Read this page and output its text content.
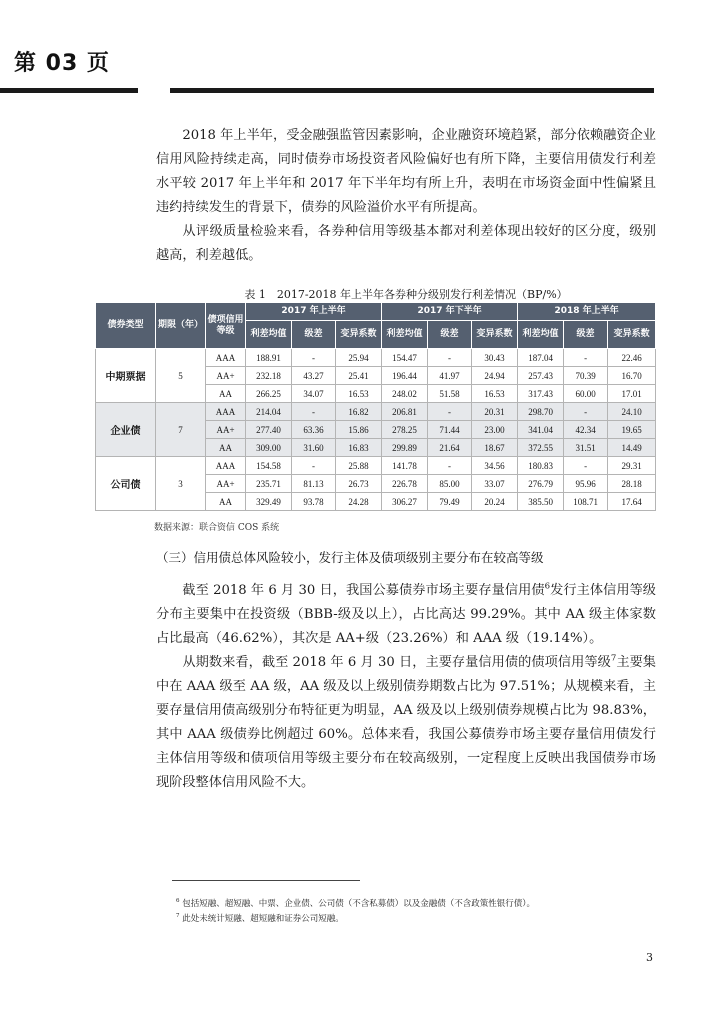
第 03 页

2018 年上半年，受金融强监管因素影响，企业融资环境趋紧，部分依赖融资企业信用风险持续走高，同时债券市场投资者风险偏好也有所下降，主要信用债发行利差水平较 2017 年上半年和 2017 年下半年均有所上升，表明在市场资金面中性偏紧且违约持续发生的背景下，债券的风险溢价水平有所提高。

从评级质量检验来看，各券种信用等级基本都对利差体现出较好的区分度，级别越高，利差越低。

表 1　2017-2018 年上半年各券种分级别发行利差情况（BP/%）
债券类型	期限（年）	债项信用等级	2017 年上半年			2017 年下半年			2018 年上半年		
			利差均值	级差	变异系数	利差均值	级差	变异系数	利差均值	级差	变异系数
中期票据	5	AAA	188.91	-	25.94	154.47	-	30.43	187.04	-	22.46
		AA+	232.18	43.27	25.41	196.44	41.97	24.94	257.43	70.39	16.70
		AA	266.25	34.07	16.53	248.02	51.58	16.53	317.43	60.00	17.01
企业债	7	AAA	214.04	-	16.82	206.81	-	20.31	298.70	-	24.10
		AA+	277.40	63.36	15.86	278.25	71.44	23.00	341.04	42.34	19.65
		AA	309.00	31.60	16.83	299.89	21.64	18.67	372.55	31.51	14.49
公司债	3	AAA	154.58	-	25.88	141.78	-	34.56	180.83	-	29.31
		AA+	235.71	81.13	26.73	226.78	85.00	33.07	276.79	95.96	28.18
		AA	329.49	93.78	24.28	306.27	79.49	20.24	385.50	108.71	17.64
数据来源：联合资信 COS 系统
（三）信用债总体风险较小，发行主体及债项级别主要分布在较高等级

截至 2018 年 6 月 30 日，我国公募债券市场主要存量信用债$^6$发行主体信用等级分布主要集中在投资级（BBB-级及以上），占比高达 99.29%。其中 AA 级主体家数占比最高（46.62%），其次是 AA+级（23.26%）和 AAA 级（19.14%）。

从期数来看，截至 2018 年 6 月 30 日，主要存量信用债的债项信用等级$^7$主要集中在 AAA 级至 AA 级，AA 级及以上级别债券期数占比为 97.51%；从规模来看，主要存量信用债高级别分布特征更为明显，AA 级及以上级别债券规模占比为 98.83%，其中 AAA 级债券比例超过 60%。总体来看，我国公募债券市场主要存量信用债发行主体信用等级和债项信用等级主要分布在较高级别，一定程度上反映出我国债券市场现阶段整体信用风险不大。

$^6$ 包括短融、超短融、中票、企业债、公司债（不含私募债）以及金融债（不含政策性银行债）。
$^7$ 此处未统计短融、超短融和证券公司短融。
3
